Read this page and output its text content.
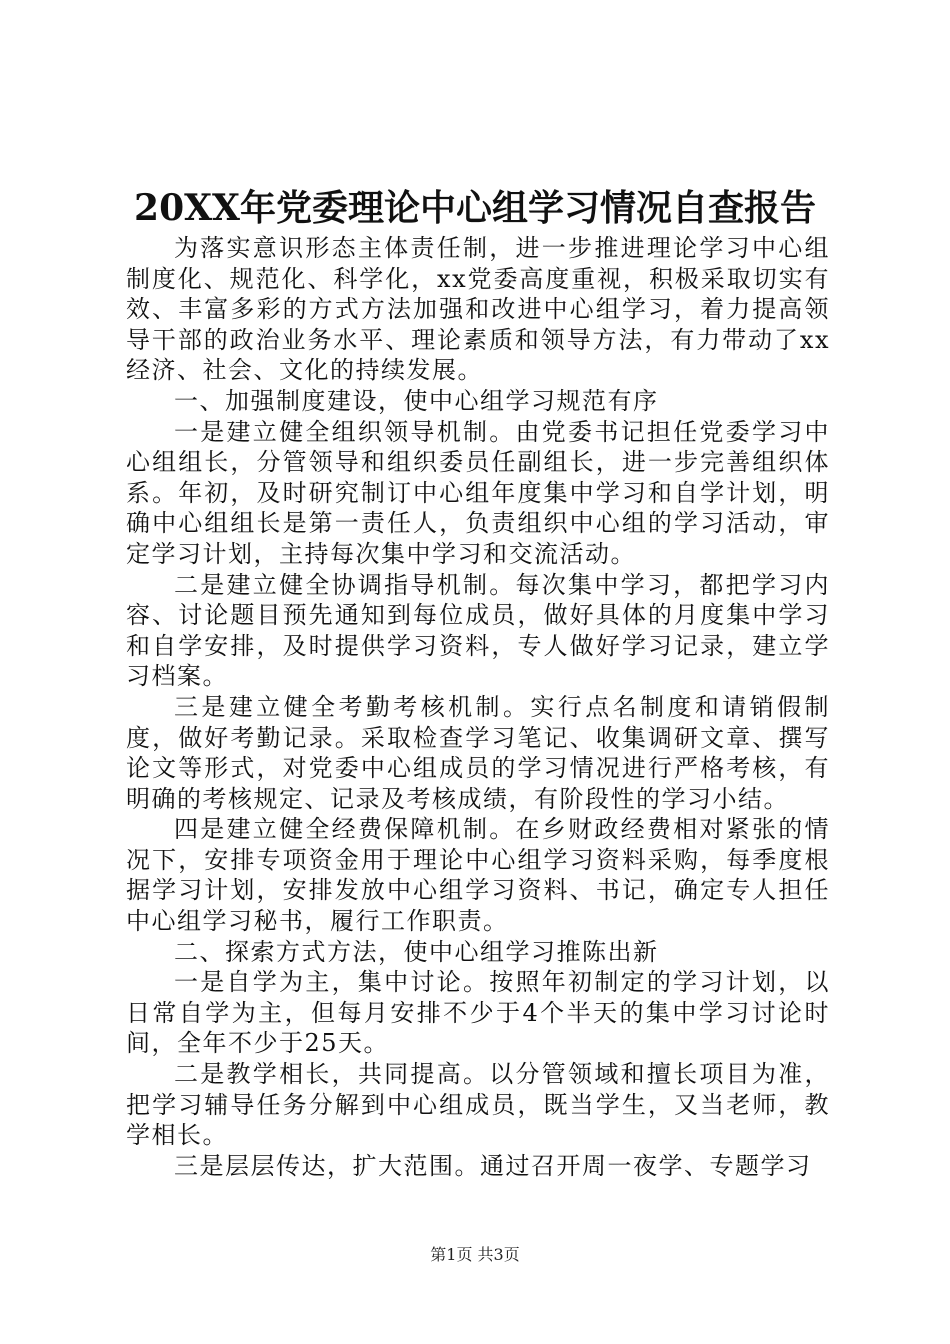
20XX年党委理论中心组学习情况自查报告

为落实意识形态主体责任制，进一步推进理论学习中心组制度化、规范化、科学化，xx党委高度重视，积极采取切实有效、丰富多彩的方式方法加强和改进中心组学习，着力提高领导干部的政治业务水平、理论素质和领导方法，有力带动了xx经济、社会、文化的持续发展。

一、加强制度建设，使中心组学习规范有序

一是建立健全组织领导机制。由党委书记担任党委学习中心组组长，分管领导和组织委员任副组长，进一步完善组织体系。年初，及时研究制订中心组年度集中学习和自学计划，明确中心组组长是第一责任人，负责组织中心组的学习活动，审定学习计划，主持每次集中学习和交流活动。

二是建立健全协调指导机制。每次集中学习，都把学习内容、讨论题目预先通知到每位成员，做好具体的月度集中学习和自学安排，及时提供学习资料，专人做好学习记录，建立学习档案。

三是建立健全考勤考核机制。实行点名制度和请销假制度，做好考勤记录。采取检查学习笔记、收集调研文章、撰写论文等形式，对党委中心组成员的学习情况进行严格考核，有明确的考核规定、记录及考核成绩，有阶段性的学习小结。

四是建立健全经费保障机制。在乡财政经费相对紧张的情况下，安排专项资金用于理论中心组学习资料采购，每季度根据学习计划，安排发放中心组学习资料、书记，确定专人担任中心组学习秘书，履行工作职责。

二、探索方式方法，使中心组学习推陈出新

一是自学为主，集中讨论。按照年初制定的学习计划，以日常自学为主，但每月安排不少于4个半天的集中学习讨论时间，全年不少于25天。

二是教学相长，共同提高。以分管领域和擅长项目为准，把学习辅导任务分解到中心组成员，既当学生，又当老师，教学相长。

三是层层传达，扩大范围。通过召开周一夜学、专题学习

第1页 共3页
